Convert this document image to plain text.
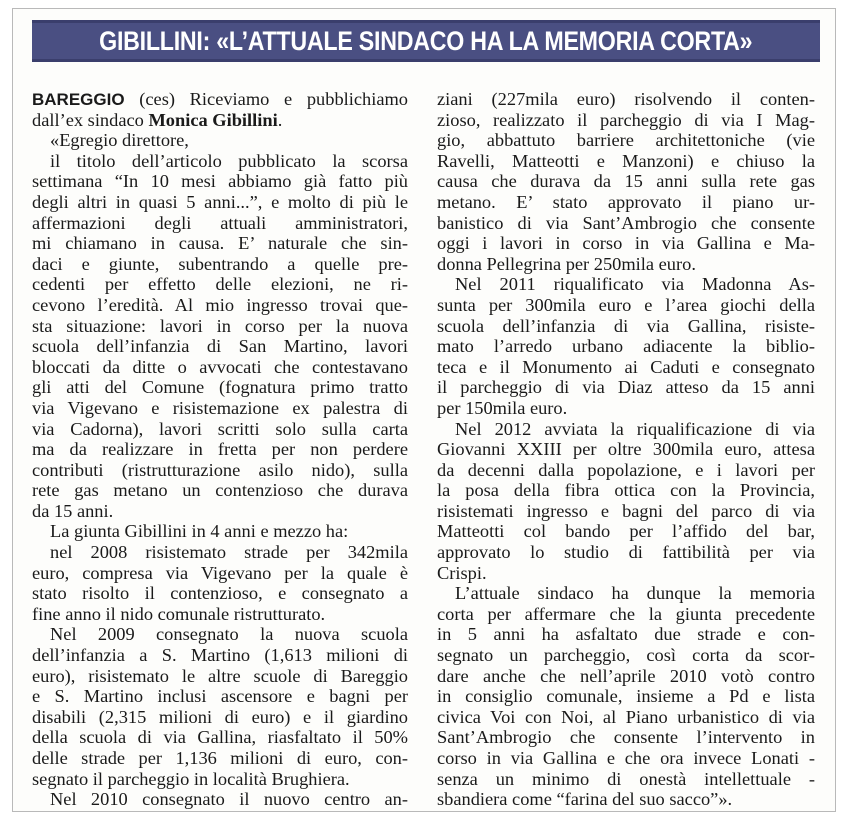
GIBILLINI: «L’ATTUALE SINDACO HA LA MEMORIA CORTA»
BAREGGIO (ces) Riceviamo e pubblichiamo
dall’ex sindaco Monica Gibillini.
«Egregio direttore,
il titolo dell’articolo pubblicato la scorsa
settimana “In 10 mesi abbiamo già fatto più
degli altri in quasi 5 anni...”, e molto di più le
affermazioni degli attuali amministratori,
mi chiamano in causa. E’ naturale che sin-
daci e giunte, subentrando a quelle pre-
cedenti per effetto delle elezioni, ne ri-
cevono l’eredità. Al mio ingresso trovai que-
sta situazione: lavori in corso per la nuova
scuola dell’infanzia di San Martino, lavori
bloccati da ditte o avvocati che contestavano
gli atti del Comune (fognatura primo tratto
via Vigevano e risistemazione ex palestra di
via Cadorna), lavori scritti solo sulla carta
ma da realizzare in fretta per non perdere
contributi (ristrutturazione asilo nido), sulla
rete gas metano un contenzioso che durava
da 15 anni.
La giunta Gibillini in 4 anni e mezzo ha:
nel 2008 risistemato strade per 342mila
euro, compresa via Vigevano per la quale è
stato risolto il contenzioso, e consegnato a
fine anno il nido comunale ristrutturato.
Nel 2009 consegnato la nuova scuola
dell’infanzia a S. Martino (1,613 milioni di
euro), risistemato le altre scuole di Bareggio
e S. Martino inclusi ascensore e bagni per
disabili (2,315 milioni di euro) e il giardino
della scuola di via Gallina, riasfaltato il 50%
delle strade per 1,136 milioni di euro, con-
segnato il parcheggio in località Brughiera.
Nel 2010 consegnato il nuovo centro an-
ziani (227mila euro) risolvendo il conten-
zioso, realizzato il parcheggio di via I Mag-
gio, abbattuto barriere architettoniche (vie
Ravelli, Matteotti e Manzoni) e chiuso la
causa che durava da 15 anni sulla rete gas
metano. E’ stato approvato il piano ur-
banistico di via Sant’Ambrogio che consente
oggi i lavori in corso in via Gallina e Ma-
donna Pellegrina per 250mila euro.
Nel 2011 riqualificato via Madonna As-
sunta per 300mila euro e l’area giochi della
scuola dell’infanzia di via Gallina, risiste-
mato l’arredo urbano adiacente la biblio-
teca e il Monumento ai Caduti e consegnato
il parcheggio di via Diaz atteso da 15 anni
per 150mila euro.
Nel 2012 avviata la riqualificazione di via
Giovanni XXIII per oltre 300mila euro, attesa
da decenni dalla popolazione, e i lavori per
la posa della fibra ottica con la Provincia,
risistemati ingresso e bagni del parco di via
Matteotti col bando per l’affido del bar,
approvato lo studio di fattibilità per via
Crispi.
L’attuale sindaco ha dunque la memoria
corta per affermare che la giunta precedente
in 5 anni ha asfaltato due strade e con-
segnato un parcheggio, così corta da scor-
dare anche che nell’aprile 2010 votò contro
in consiglio comunale, insieme a Pd e lista
civica Voi con Noi, al Piano urbanistico di via
Sant’Ambrogio che consente l’intervento in
corso in via Gallina e che ora invece Lonati -
senza un minimo di onestà intellettuale -
sbandiera come “farina del suo sacco”».
